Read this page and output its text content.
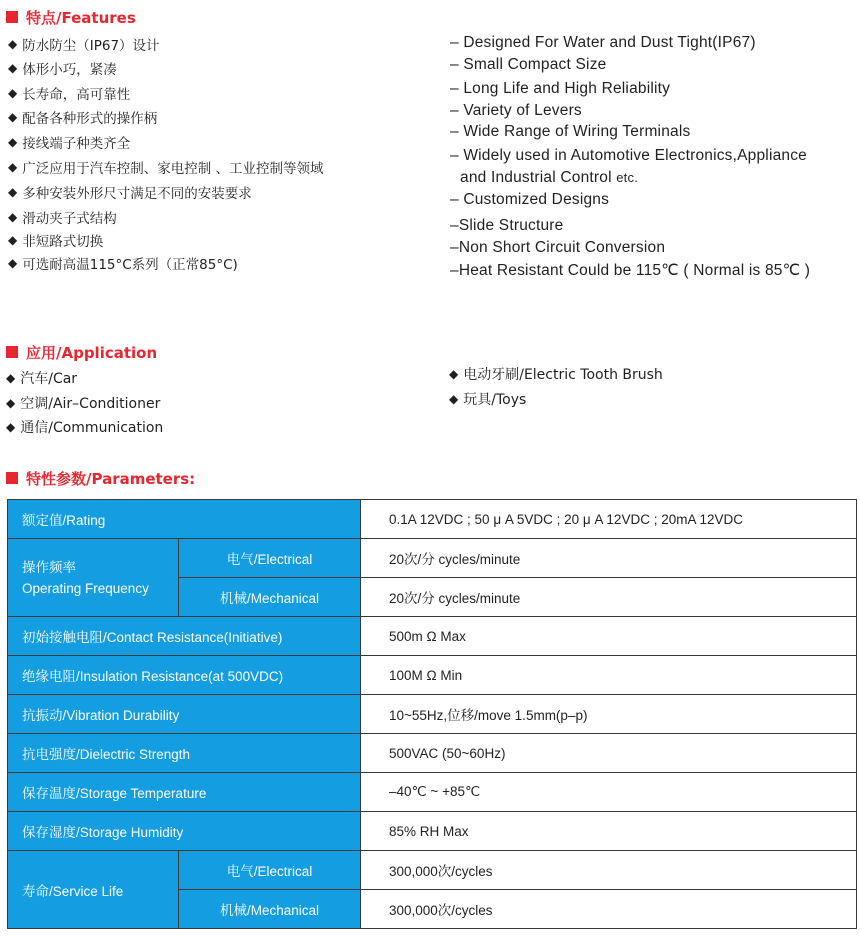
特点/Features
◆ 防水防尘（IP67）设计
◆ 体形小巧，紧凑
◆ 长寿命，高可靠性
◆ 配备各种形式的操作柄
◆ 接线端子种类齐全
◆ 广泛应用于汽车控制、家电控制 、工业控制等领域
◆ 多种安装外形尺寸满足不同的安装要求
◆ 滑动夹子式结构
◆ 非短路式切换
◆ 可选耐高温115°C系列（正常85°C)
– Designed For Water and Dust Tight(IP67)
– Small Compact Size
– Long Life and High Reliability
– Variety of Levers
– Wide Range of Wiring Terminals
– Widely used in Automotive Electronics,Appliance
and Industrial Control etc.
– Customized Designs
–Slide Structure
–Non Short Circuit Conversion
–Heat Resistant Could be 115℃ ( Normal is 85℃ )
应用/Application
◆ 汽车/Car
◆ 空调/Air–Conditioner
◆ 通信/Communication
◆ 电动牙刷/Electric Tooth Brush
◆ 玩具/Toys
特性参数/Parameters:
额定值/Rating		0.1A 12VDC ; 50 μ A 5VDC ; 20 μ A 12VDC ; 20mA 12VDC

操作频率
Operating Frequency	电气/Electrical	20次/分 cycles/minute
	机械/Mechanical	20次/分 cycles/minute
初始接触电阻/Contact Resistance(Initiative)		500m Ω Max
绝缘电阻/Insulation Resistance(at 500VDC)		100M Ω Min
抗振动/Vibration Durability		10~55Hz,位移/move 1.5mm(p–p)
抗电强度/Dielectric Strength		500VAC (50~60Hz)
保存温度/Storage Temperature		–40℃ ~ +85℃
保存湿度/Storage Humidity		85% RH Max
寿命/Service Life	电气/Electrical	300,000次/cycles
	机械/Mechanical	300,000次/cycles
